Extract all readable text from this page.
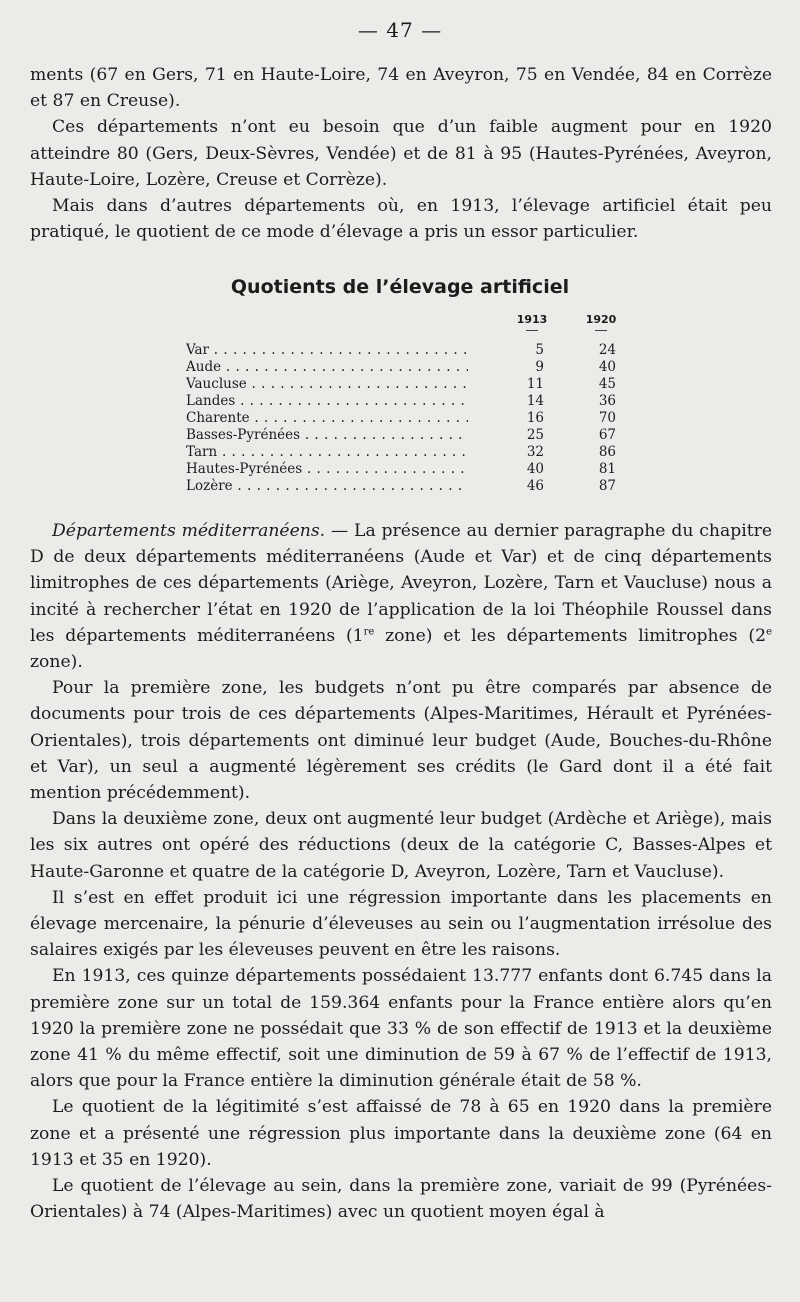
— 47 —

ments (67 en Gers, 71 en Haute-Loire, 74 en Aveyron, 75 en Vendée, 84 en Corrèze et 87 en Creuse).

Ces départements n’ont eu besoin que d’un faible augment pour en 1920 atteindre 80 (Gers, Deux-Sèvres, Vendée) et de 81 à 95 (Hautes-Pyrénées, Aveyron, Haute-Loire, Lozère, Creuse et Corrèze).

Mais dans d’autres départements où, en 1913, l’élevage artificiel était peu pratiqué, le quotient de ce mode d’élevage a pris un essor particulier.

Quotients de l’élevage artificiel
1913	1920
Var . . .	5	24
Aude . . .	9	40
Vaucluse . . .	11	45
Landes . . .	14	36
Charente . . .	16	70
Basses-Pyrénées . . .	25	67
Tarn . . .	32	86
Hautes-Pyrénées . . .	40	81
Lozère . . .	46	87

Départements méditerranéens. — La présence au dernier paragraphe du chapitre D de deux départements méditerranéens (Aude et Var) et de cinq départements limitrophes de ces départements (Ariège, Aveyron, Lozère, Tarn et Vaucluse) nous a incité à rechercher l’état en 1920 de l’application de la loi Théophile Roussel dans les départements méditerranéens (1re zone) et les départements limitrophes (2e zone).

Pour la première zone, les budgets n’ont pu être comparés par absence de documents pour trois de ces départements (Alpes-Maritimes, Hérault et Pyrénées-Orientales), trois départements ont diminué leur budget (Aude, Bouches-du-Rhône et Var), un seul a augmenté légèrement ses crédits (le Gard dont il a été fait mention précédemment).

Dans la deuxième zone, deux ont augmenté leur budget (Ardèche et Ariège), mais les six autres ont opéré des réductions (deux de la catégorie C, Basses-Alpes et Haute-Garonne et quatre de la catégorie D, Aveyron, Lozère, Tarn et Vaucluse).

Il s’est en effet produit ici une régression importante dans les placements en élevage mercenaire, la pénurie d’éleveuses au sein ou l’augmentation irrésolue des salaires exigés par les éleveuses peuvent en être les raisons.

En 1913, ces quinze départements possédaient 13.777 enfants dont 6.745 dans la première zone sur un total de 159.364 enfants pour la France entière alors qu’en 1920 la première zone ne possédait que 33 % de son effectif de 1913 et la deuxième zone 41 % du même effectif, soit une diminution de 59 à 67 % de l’effectif de 1913, alors que pour la France entière la diminution générale était de 58 %.

Le quotient de la légitimité s’est affaissé de 78 à 65 en 1920 dans la première zone et a présenté une régression plus importante dans la deuxième zone (64 en 1913 et 35 en 1920).

Le quotient de l’élevage au sein, dans la première zone, variait de 99 (Pyrénées-Orientales) à 74 (Alpes-Maritimes) avec un quotient moyen égal à
